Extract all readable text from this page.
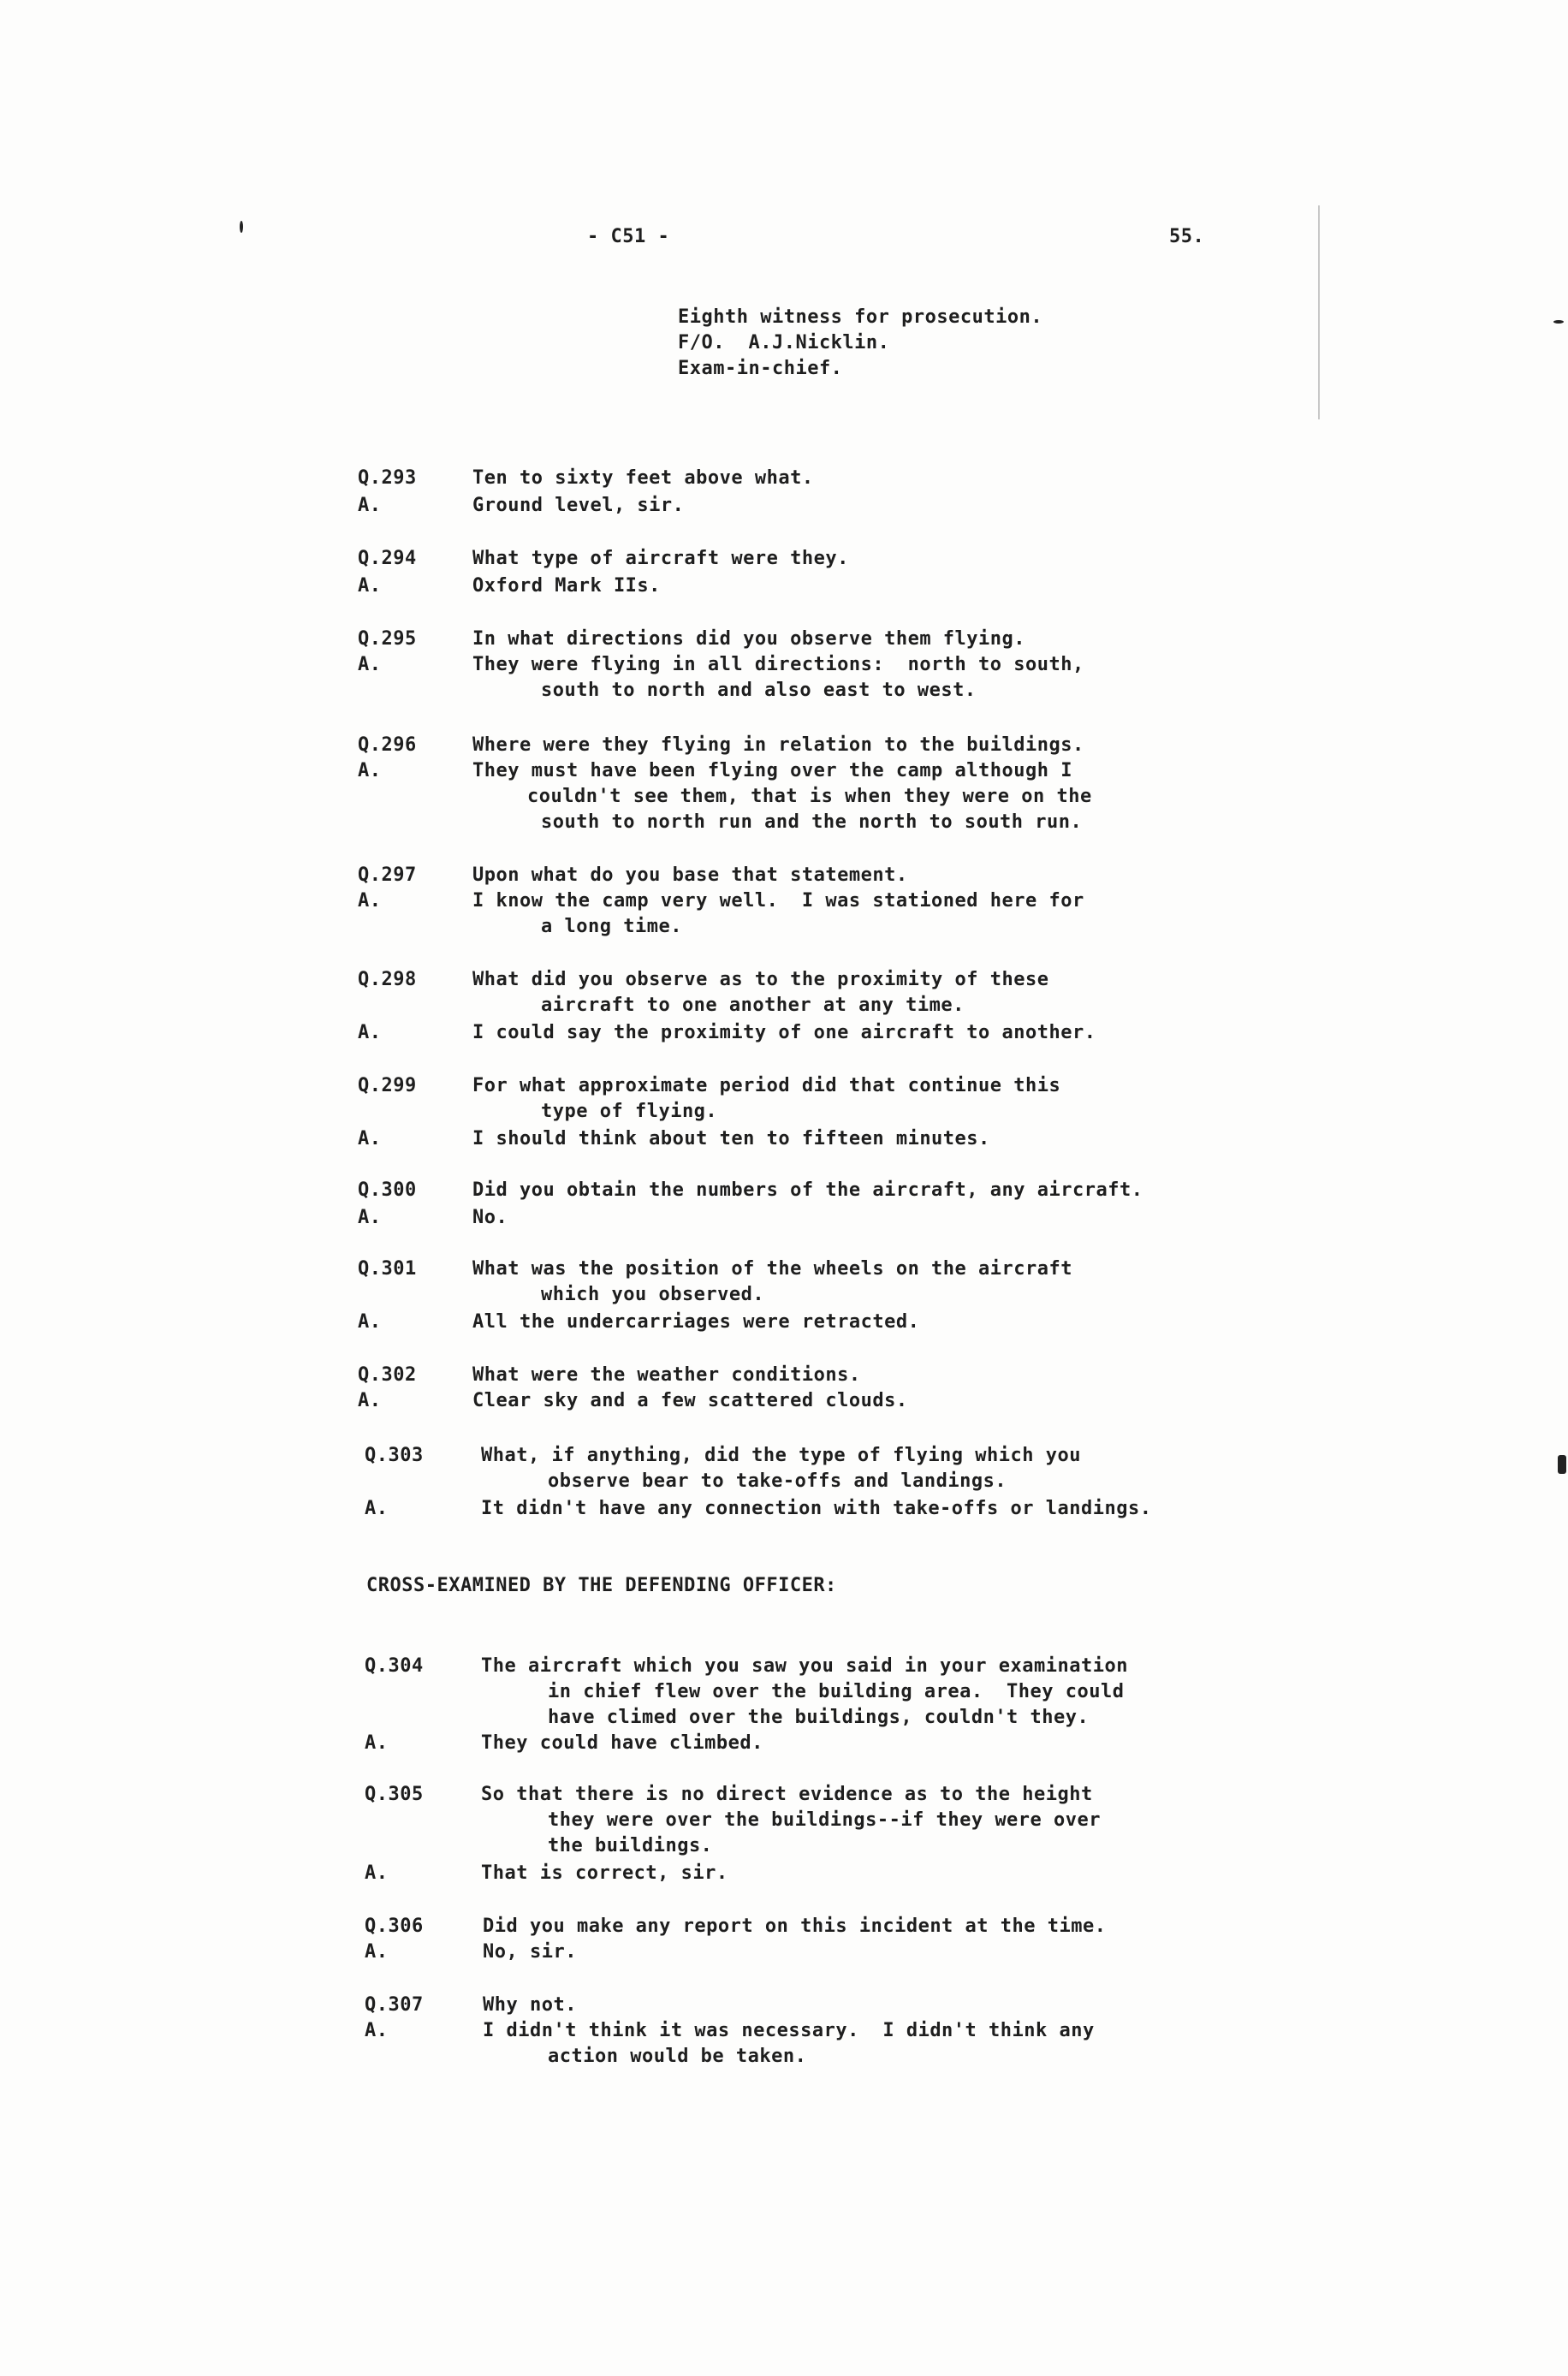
- C51 -	55.
Eighth witness for prosecution.
F/O.  A.J.Nicklin.
Exam-in-chief.
Q.293	Ten to sixty feet above what.
A.	Ground level, sir.
Q.294	What type of aircraft were they.
A.	Oxford Mark IIs.
Q.295	In what directions did you observe them flying.
A.	They were flying in all directions:  north to south,
south to north and also east to west.
Q.296	Where were they flying in relation to the buildings.
A.	They must have been flying over the camp although I
couldn't see them, that is when they were on the
south to north run and the north to south run.
Q.297	Upon what do you base that statement.
A.	I know the camp very well.  I was stationed here for
a long time.
Q.298	What did you observe as to the proximity of these
aircraft to one another at any time.
A.	I could say the proximity of one aircraft to another.
Q.299	For what approximate period did that continue this
type of flying.
A.	I should think about ten to fifteen minutes.
Q.300	Did you obtain the numbers of the aircraft, any aircraft.
A.	No.
Q.301	What was the position of the wheels on the aircraft
which you observed.
A.	All the undercarriages were retracted.
Q.302	What were the weather conditions.
A.	Clear sky and a few scattered clouds.
Q.303	What, if anything, did the type of flying which you
observe bear to take-offs and landings.
A.	It didn't have any connection with take-offs or landings.
CROSS-EXAMINED BY THE DEFENDING OFFICER:
Q.304	The aircraft which you saw you said in your examination
in chief flew over the building area.  They could
have climed over the buildings, couldn't they.
A.	They could have climbed.
Q.305	So that there is no direct evidence as to the height
they were over the buildings--if they were over
the buildings.
A.	That is correct, sir.
Q.306	Did you make any report on this incident at the time.
A.	No, sir.
Q.307	Why not.
A.	I didn't think it was necessary.  I didn't think any
action would be taken.
